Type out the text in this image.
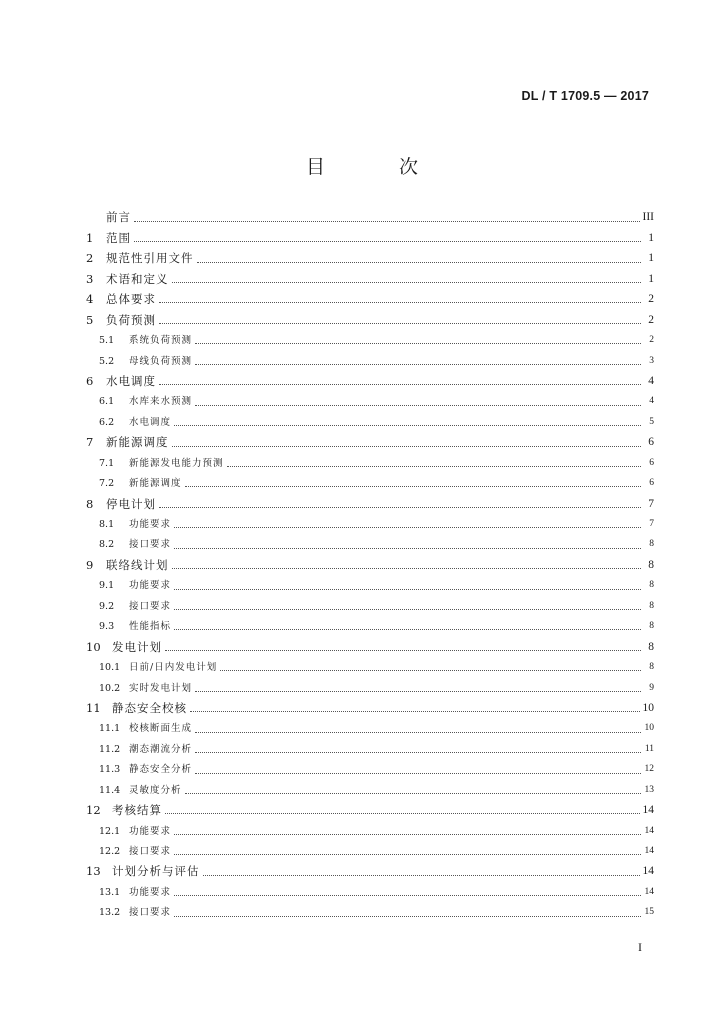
DL / T 1709.5 — 2017
目 次
前言	III
1	范围	1
2	规范性引用文件	1
3	术语和定义	1
4	总体要求	2
5	负荷预测	2
5.1	系统负荷预测	2
5.2	母线负荷预测	3
6	水电调度	4
6.1	水库来水预测	4
6.2	水电调度	5
7	新能源调度	6
7.1	新能源发电能力预测	6
7.2	新能源调度	6
8	停电计划	7
8.1	功能要求	7
8.2	接口要求	8
9	联络线计划	8
9.1	功能要求	8
9.2	接口要求	8
9.3	性能指标	8
10 发电计划	8
10.1 日前/日内发电计划	8
10.2 实时发电计划	9
11 静态安全校核	10
11.1 校核断面生成	10
11.2 潮态潮流分析	11
11.3 静态安全分析	12
11.4 灵敏度分析	13
12 考核结算	14
12.1 功能要求	14
12.2 接口要求	14
13 计划分析与评估	14
13.1 功能要求	14
13.2 接口要求	15
I
